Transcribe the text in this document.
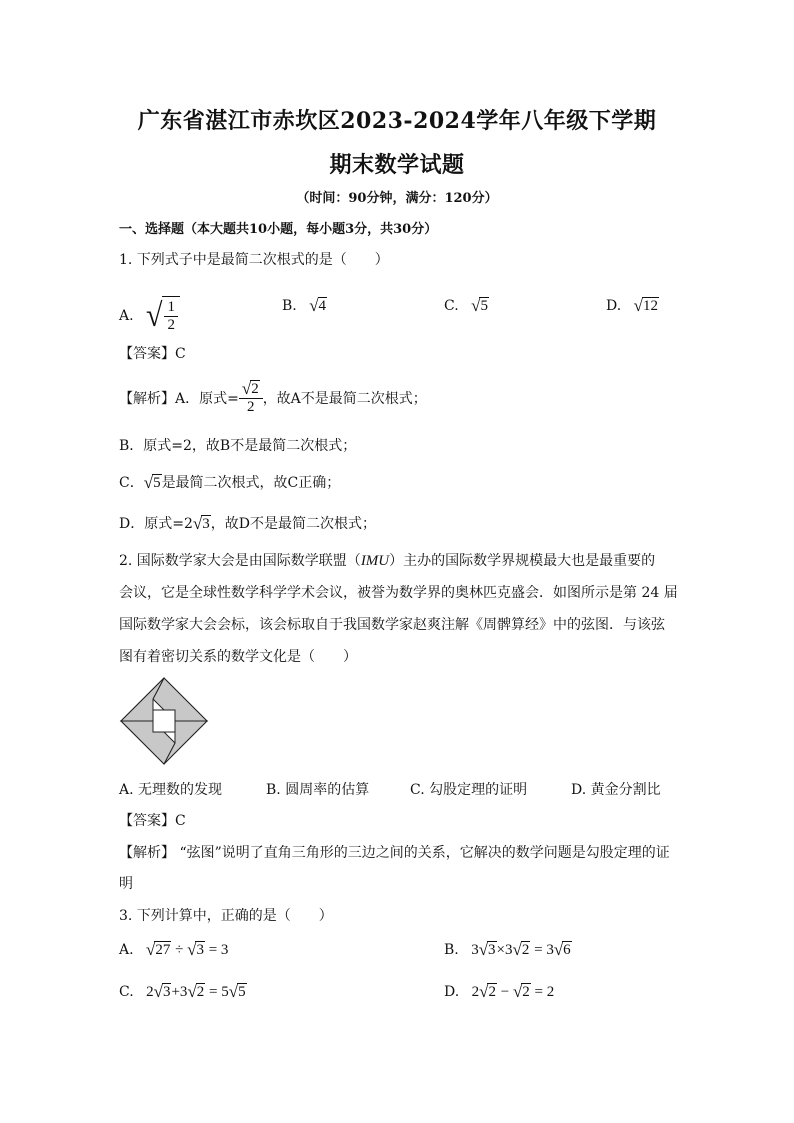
广东省湛江市赤坎区2023-2024学年八年级下学期
期末数学试题
（时间：90分钟，满分：120分）
一、选择题（本大题共10小题，每小题3分，共30分）
1. 下列式子中是最简二次根式的是（　　）
A. √ $\frac{1}{2}$	B. √4	C. √5	D. √12
【答案】C
【解析】 A．原式= $\frac{√2}{2}$ ，故A不是最简二次根式；
B．原式=2，故B不是最简二次根式；
C．√5是最简二次根式，故C正确；
D．原式=2√3，故D不是最简二次根式；
2. 国际数学家大会是由国际数学联盟（IMU）主办的国际数学界规模最大也是最重要的
会议，它是全球性数学科学学术会议，被誉为数学界的奥林匹克盛会．如图所示是第 24 届
国际数学家大会会标，该会标取自于我国数学家赵爽注解《周髀算经》中的弦图．与该弦
图有着密切关系的数学文化是（　　）
A. 无理数的发现	B. 圆周率的估算	C. 勾股定理的证明	D. 黄金分割比
【答案】C
【解析】 “弦图”说明了直角三角形的三边之间的关系，它解决的数学问题是勾股定理的证
明
3. 下列计算中，正确的是（　　）
A. √27 ÷ √3 = 3	B. 3√3×3√2 = 3√6
C. 2√3+3√2 = 5√5	D. 2√2 − √2 = 2
